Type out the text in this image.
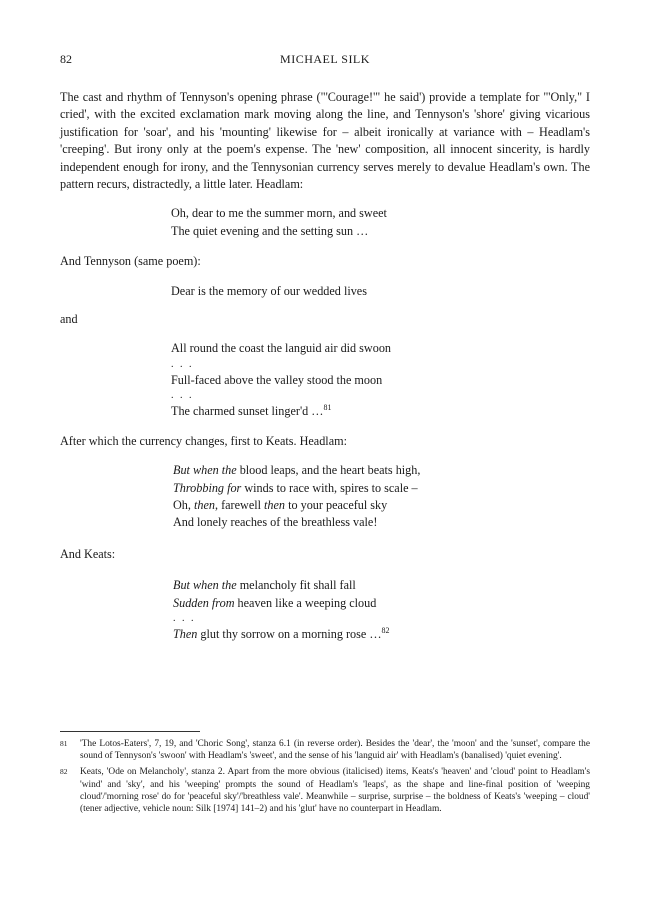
82	MICHAEL SILK

The cast and rhythm of Tennyson's opening phrase ("'Courage!'" he said') provide a template for "'Only," I cried', with the excited exclamation mark moving along the line, and Tennyson's 'shore' giving vicarious justification for 'soar', and his 'mounting' likewise for – albeit ironically at variance with – Headlam's 'creeping'. But irony only at the poem's expense. The 'new' composition, all innocent sincerity, is hardly independent enough for irony, and the Tennysonian currency serves merely to devalue Headlam's own. The pattern recurs, distractedly, a little later. Headlam:

Oh, dear to me the summer morn, and sweet
The quiet evening and the setting sun …

And Tennyson (same poem):

Dear is the memory of our wedded lives

and

All round the coast the languid air did swoon
. . .
Full-faced above the valley stood the moon
. . .
The charmed sunset linger'd …$^{81}$

After which the currency changes, first to Keats. Headlam:

But when the blood leaps, and the heart beats high,
Throbbing for winds to race with, spires to scale –
Oh, then, farewell then to your peaceful sky
And lonely reaches of the breathless vale!

And Keats:

But when the melancholy fit shall fall
Sudden from heaven like a weeping cloud
. . .
Then glut thy sorrow on a morning rose …$^{82}$

81 'The Lotos-Eaters', 7, 19, and 'Choric Song', stanza 6.1 (in reverse order). Besides the 'dear', the 'moon' and the 'sunset', compare the sound of Tennyson's 'swoon' with Headlam's 'sweet', and the sense of his 'languid air' with Headlam's (banalised) 'quiet evening'.

82 Keats, 'Ode on Melancholy', stanza 2. Apart from the more obvious (italicised) items, Keats's 'heaven' and 'cloud' point to Headlam's 'wind' and 'sky', and his 'weeping' prompts the sound of Headlam's 'leaps', as the shape and line-final position of 'weeping cloud'/'morning rose' do for 'peaceful sky'/'breathless vale'. Meanwhile – surprise, surprise – the boldness of Keats's 'weeping – cloud' (tener adjective, vehicle noun: Silk [1974] 141–2) and his 'glut' have no counterpart in Headlam.
